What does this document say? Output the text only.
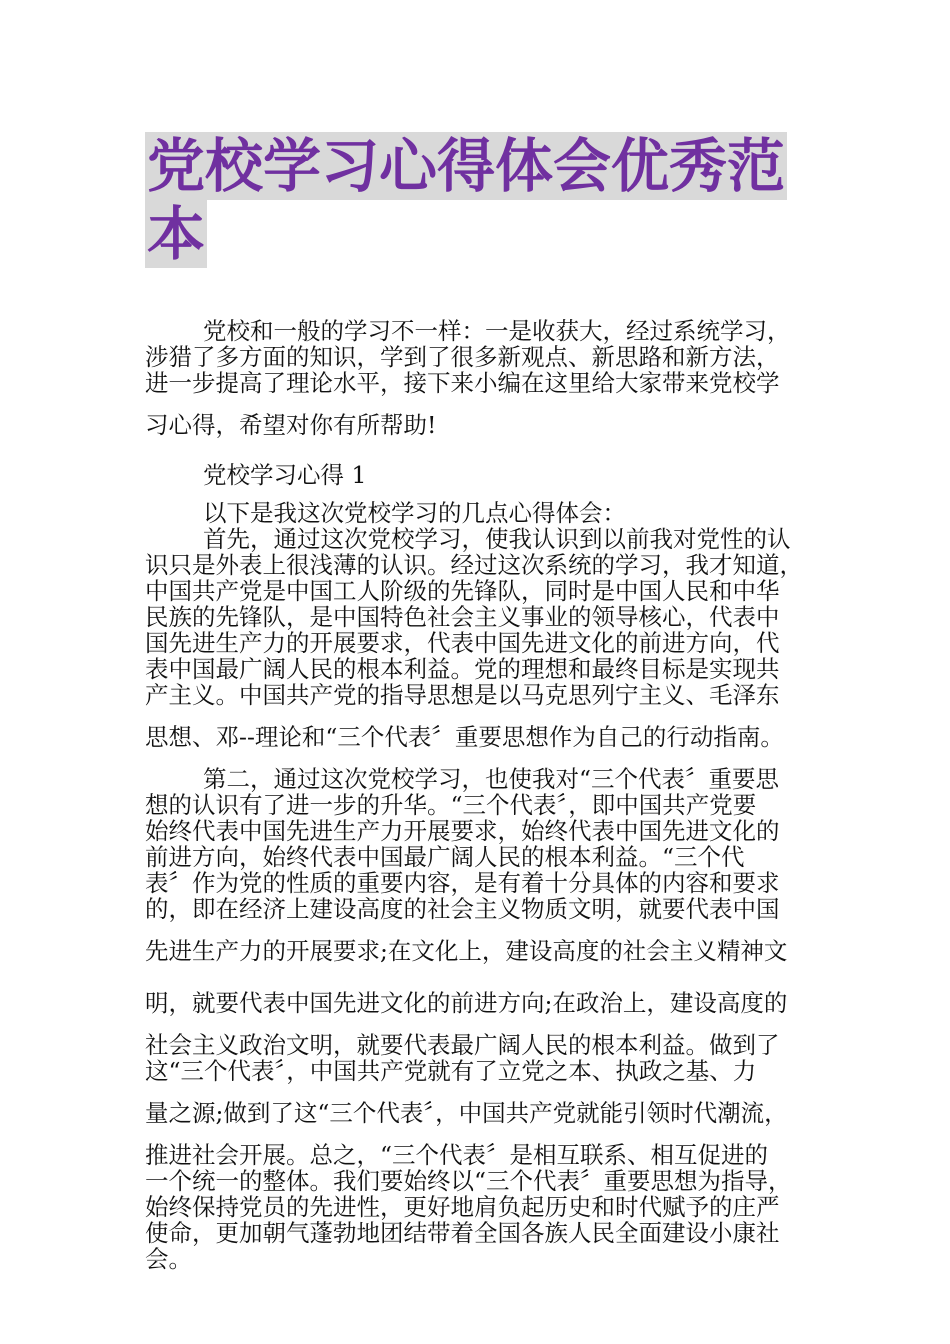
党校学习心得体会优秀范
本
党校和一般的学习不一样：一是收获大，经过系统学习，
涉猎了多方面的知识，学到了很多新观点、新思路和新方法，
进一步提高了理论水平，接下来小编在这里给大家带来党校学
习心得，希望对你有所帮助!
党校学习心得 1
以下是我这次党校学习的几点心得体会：
首先，通过这次党校学习，使我认识到以前我对党性的认
识只是外表上很浅薄的认识。经过这次系统的学习，我才知道，
中国共产党是中国工人阶级的先锋队，同时是中国人民和中华
民族的先锋队，是中国特色社会主义事业的领导核心，代表中
国先进生产力的开展要求，代表中国先进文化的前进方向，代
表中国最广阔人民的根本利益。党的理想和最终目标是实现共
产主义。中国共产党的指导思想是以马克思列宁主义、毛泽东
思想、邓--理论和“三个代表〞重要思想作为自己的行动指南。
第二，通过这次党校学习，也使我对“三个代表〞重要思
想的认识有了进一步的升华。“三个代表〞，即中国共产党要
始终代表中国先进生产力开展要求，始终代表中国先进文化的
前进方向，始终代表中国最广阔人民的根本利益。“三个代
表〞作为党的性质的重要内容，是有着十分具体的内容和要求
的，即在经济上建设高度的社会主义物质文明，就要代表中国
先进生产力的开展要求;在文化上，建设高度的社会主义精神文
明，就要代表中国先进文化的前进方向;在政治上，建设高度的
社会主义政治文明，就要代表最广阔人民的根本利益。做到了
这“三个代表〞，中国共产党就有了立党之本、执政之基、力
量之源;做到了这“三个代表〞，中国共产党就能引领时代潮流，
推进社会开展。总之，“三个代表〞是相互联系、相互促进的
一个统一的整体。我们要始终以“三个代表〞重要思想为指导，
始终保持党员的先进性，更好地肩负起历史和时代赋予的庄严
使命，更加朝气蓬勃地团结带着全国各族人民全面建设小康社
会。
